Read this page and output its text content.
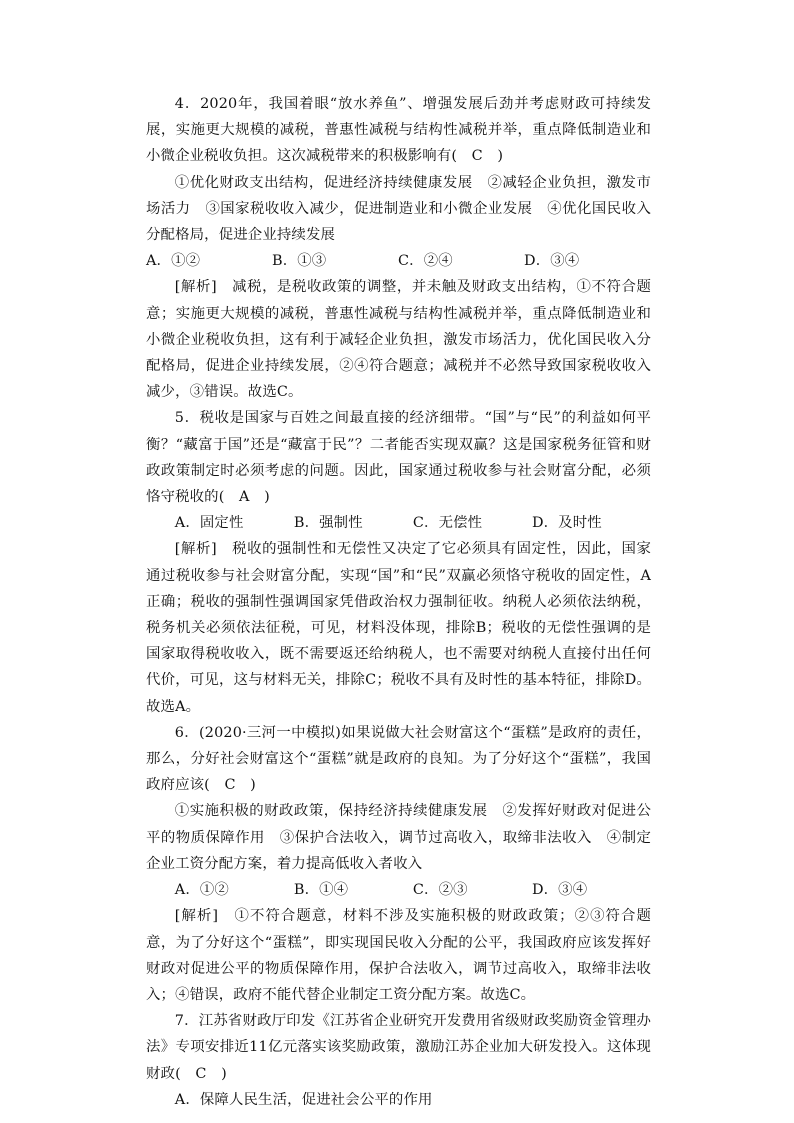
4．2020年，我国着眼“放水养鱼”、增强发展后劲并考虑财政可持续发展，实施更大规模的减税，普惠性减税与结构性减税并举，重点降低制造业和小微企业税收负担。这次减税带来的积极影响有(　C　)

①优化财政支出结构，促进经济持续健康发展　②减轻企业负担，激发市场活力　③国家税收收入减少，促进制造业和小微企业发展　④优化国民收入分配格局，促进企业持续发展

A．①②	B．①③	C．②④	D．③④

[解析]　减税，是税收政策的调整，并未触及财政支出结构，①不符合题意；实施更大规模的减税，普惠性减税与结构性减税并举，重点降低制造业和小微企业税收负担，这有利于减轻企业负担，激发市场活力，优化国民收入分配格局，促进企业持续发展，②④符合题意；减税并不必然导致国家税收收入减少，③错误。故选C。

5．税收是国家与百姓之间最直接的经济细带。“国”与“民”的利益如何平衡？“藏富于国”还是“藏富于民”？二者能否实现双赢？这是国家税务征管和财政政策制定时必须考虑的问题。因此，国家通过税收参与社会财富分配，必须恪守税收的(　A　)

A．固定性	B．强制性	C．无偿性	D．及时性

[解析]　税收的强制性和无偿性又决定了它必须具有固定性，因此，国家通过税收参与社会财富分配，实现“国”和“民”双赢必须恪守税收的固定性，A正确；税收的强制性强调国家凭借政治权力强制征收。纳税人必须依法纳税，税务机关必须依法征税，可见，材料没体现，排除B；税收的无偿性强调的是国家取得税收收入，既不需要返还给纳税人，也不需要对纳税人直接付出任何代价，可见，这与材料无关，排除C；税收不具有及时性的基本特征，排除D。故选A。

6．(2020·三河一中模拟)如果说做大社会财富这个“蛋糕”是政府的责任，那么，分好社会财富这个“蛋糕”就是政府的良知。为了分好这个“蛋糕”，我国政府应该(　C　)

①实施积极的财政政策，保持经济持续健康发展　②发挥好财政对促进公平的物质保障作用　③保护合法收入，调节过高收入，取缔非法收入　④制定企业工资分配方案，着力提高低收入者收入

A．①②	B．①④	C．②③	D．③④

[解析]　①不符合题意，材料不涉及实施积极的财政政策；②③符合题意，为了分好这个“蛋糕”，即实现国民收入分配的公平，我国政府应该发挥好财政对促进公平的物质保障作用，保护合法收入，调节过高收入，取缔非法收入；④错误，政府不能代替企业制定工资分配方案。故选C。

7．江苏省财政厅印发《江苏省企业研究开发费用省级财政奖励资金管理办法》专项安排近11亿元落实该奖励政策，激励江苏企业加大研发投入。这体现财政(　C　)

A．保障人民生活，促进社会公平的作用
